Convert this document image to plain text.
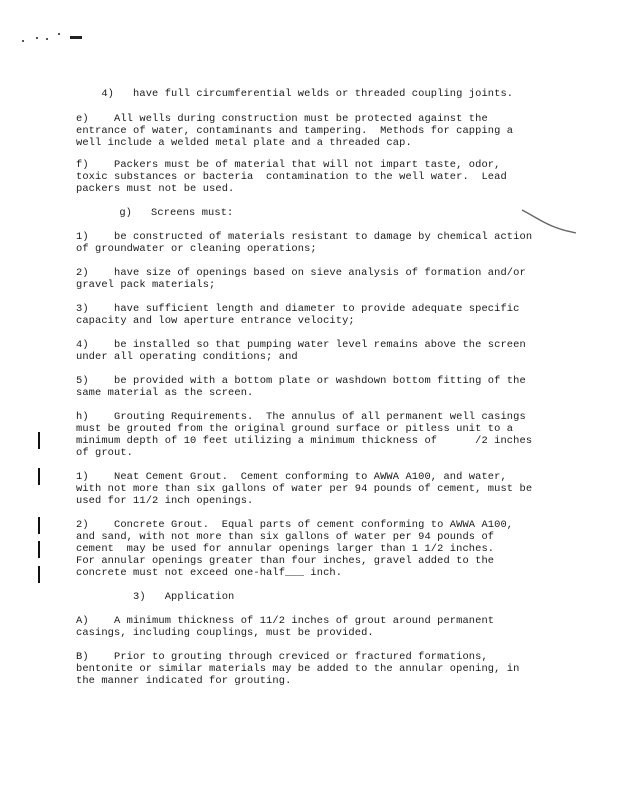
4)   have full circumferential welds or threaded coupling joints.
e)    All wells during construction must be protected against the
entrance of water, contaminants and tampering.  Methods for capping a
well include a welded metal plate and a threaded cap.
f)    Packers must be of material that will not impart taste, odor,
toxic substances or bacteria  contamination to the well water.  Lead
packers must not be used.
g)   Screens must:
1)    be constructed of materials resistant to damage by chemical action
of groundwater or cleaning operations;
2)    have size of openings based on sieve analysis of formation and/or
gravel pack materials;
3)    have sufficient length and diameter to provide adequate specific
capacity and low aperture entrance velocity;
4)    be installed so that pumping water level remains above the screen
under all operating conditions; and
5)    be provided with a bottom plate or washdown bottom fitting of the
same material as the screen.
h)    Grouting Requirements.  The annulus of all permanent well casings
must be grouted from the original ground surface or pitless unit to a
minimum depth of 10 feet utilizing a minimum thickness of      /2 inches
of grout.
1)    Neat Cement Grout.  Cement conforming to AWWA A100, and water,
with not more than six gallons of water per 94 pounds of cement, must be
used for 11/2 inch openings.
2)    Concrete Grout.  Equal parts of cement conforming to AWWA A100,
and sand, with not more than six gallons of water per 94 pounds of
cement  may be used for annular openings larger than 1 1/2 inches.
For annular openings greater than four inches, gravel added to the
concrete must not exceed one-half___ inch.
3)   Application
A)    A minimum thickness of 11/2 inches of grout around permanent
casings, including couplings, must be provided.
B)    Prior to grouting through creviced or fractured formations,
bentonite or similar materials may be added to the annular opening, in
the manner indicated for grouting.
